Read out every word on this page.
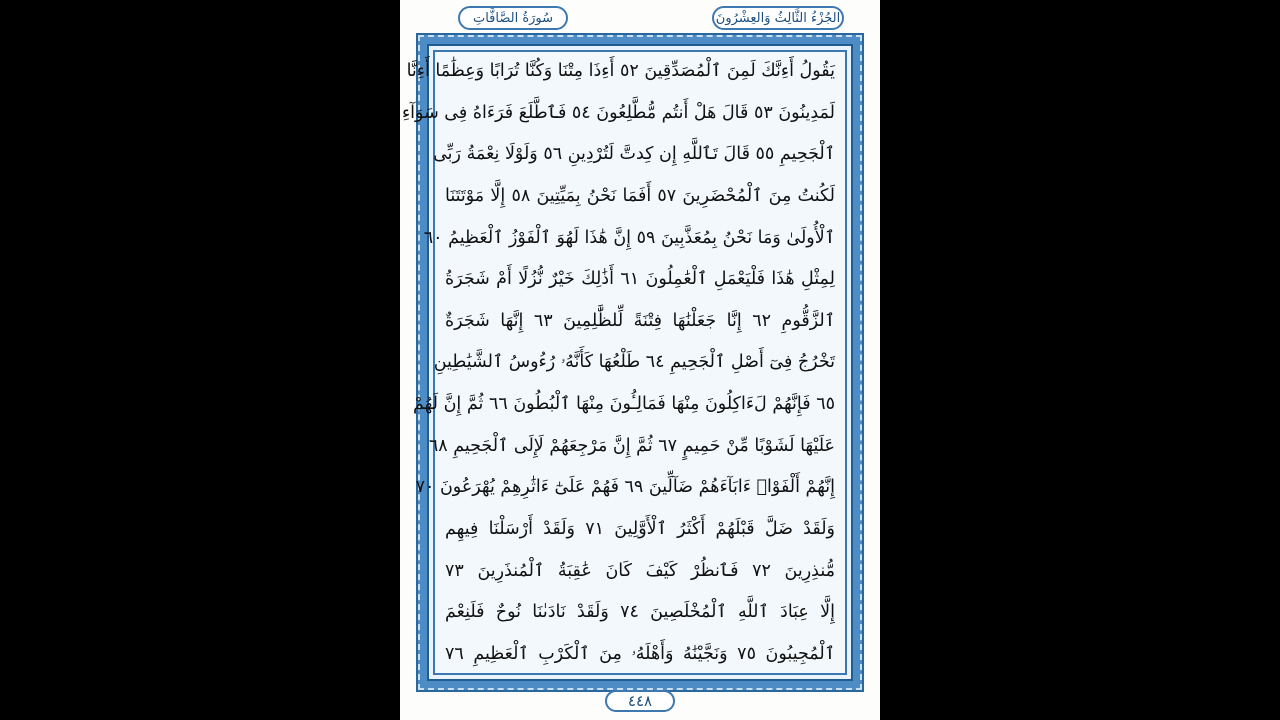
سُورَةُ الصَّافَّاتِ	الجُزْءُ الثَّالِثُ وَالعِشْرُونَ
يَقُولُ أَءِنَّكَ لَمِنَ ٱلْمُصَدِّقِينَ ٥٢ أَءِذَا مِتْنَا وَكُنَّا تُرَابًا وَعِظَٰمًا أَءِنَّا
لَمَدِينُونَ ٥٣ قَالَ هَلْ أَنتُم مُّطَّلِعُونَ ٥٤ فَٱطَّلَعَ فَرَءَاهُ فِى سَوَآءِ
ٱلْجَحِيمِ ٥٥ قَالَ تَٱللَّهِ إِن كِدتَّ لَتُرْدِينِ ٥٦ وَلَوْلَا نِعْمَةُ رَبِّى
لَكُنتُ مِنَ ٱلْمُحْضَرِينَ ٥٧ أَفَمَا نَحْنُ بِمَيِّتِينَ ٥٨ إِلَّا مَوْتَتَنَا
ٱلْأُولَىٰ وَمَا نَحْنُ بِمُعَذَّبِينَ ٥٩ إِنَّ هَٰذَا لَهُوَ ٱلْفَوْزُ ٱلْعَظِيمُ ٦٠
لِمِثْلِ هَٰذَا فَلْيَعْمَلِ ٱلْعَٰمِلُونَ ٦١ أَذَٰلِكَ خَيْرٌ نُّزُلًا أَمْ شَجَرَةُ
ٱلزَّقُّومِ ٦٢ إِنَّا جَعَلْنَٰهَا فِتْنَةً لِّلظَّٰلِمِينَ ٦٣ إِنَّهَا شَجَرَةٌ
تَخْرُجُ فِىٓ أَصْلِ ٱلْجَحِيمِ ٦٤ طَلْعُهَا كَأَنَّهُۥ رُءُوسُ ٱلشَّيَٰطِينِ
٦٥ فَإِنَّهُمْ لَءَاكِلُونَ مِنْهَا فَمَالِـُٔونَ مِنْهَا ٱلْبُطُونَ ٦٦ ثُمَّ إِنَّ لَهُمْ
عَلَيْهَا لَشَوْبًا مِّنْ حَمِيمٍ ٦٧ ثُمَّ إِنَّ مَرْجِعَهُمْ لَإِلَى ٱلْجَحِيمِ ٦٨
إِنَّهُمْ أَلْفَوْا۟ ءَابَآءَهُمْ ضَآلِّينَ ٦٩ فَهُمْ عَلَىٰٓ ءَاثَٰرِهِمْ يُهْرَعُونَ ٧٠
وَلَقَدْ ضَلَّ قَبْلَهُمْ أَكْثَرُ ٱلْأَوَّلِينَ ٧١ وَلَقَدْ أَرْسَلْنَا فِيهِم
مُّنذِرِينَ ٧٢ فَٱنظُرْ كَيْفَ كَانَ عَٰقِبَةُ ٱلْمُنذَرِينَ ٧٣
إِلَّا عِبَادَ ٱللَّهِ ٱلْمُخْلَصِينَ ٧٤ وَلَقَدْ نَادَىٰنَا نُوحٌ فَلَنِعْمَ
ٱلْمُجِيبُونَ ٧٥ وَنَجَّيْنَٰهُ وَأَهْلَهُۥ مِنَ ٱلْكَرْبِ ٱلْعَظِيمِ ٧٦
٤٤٨
